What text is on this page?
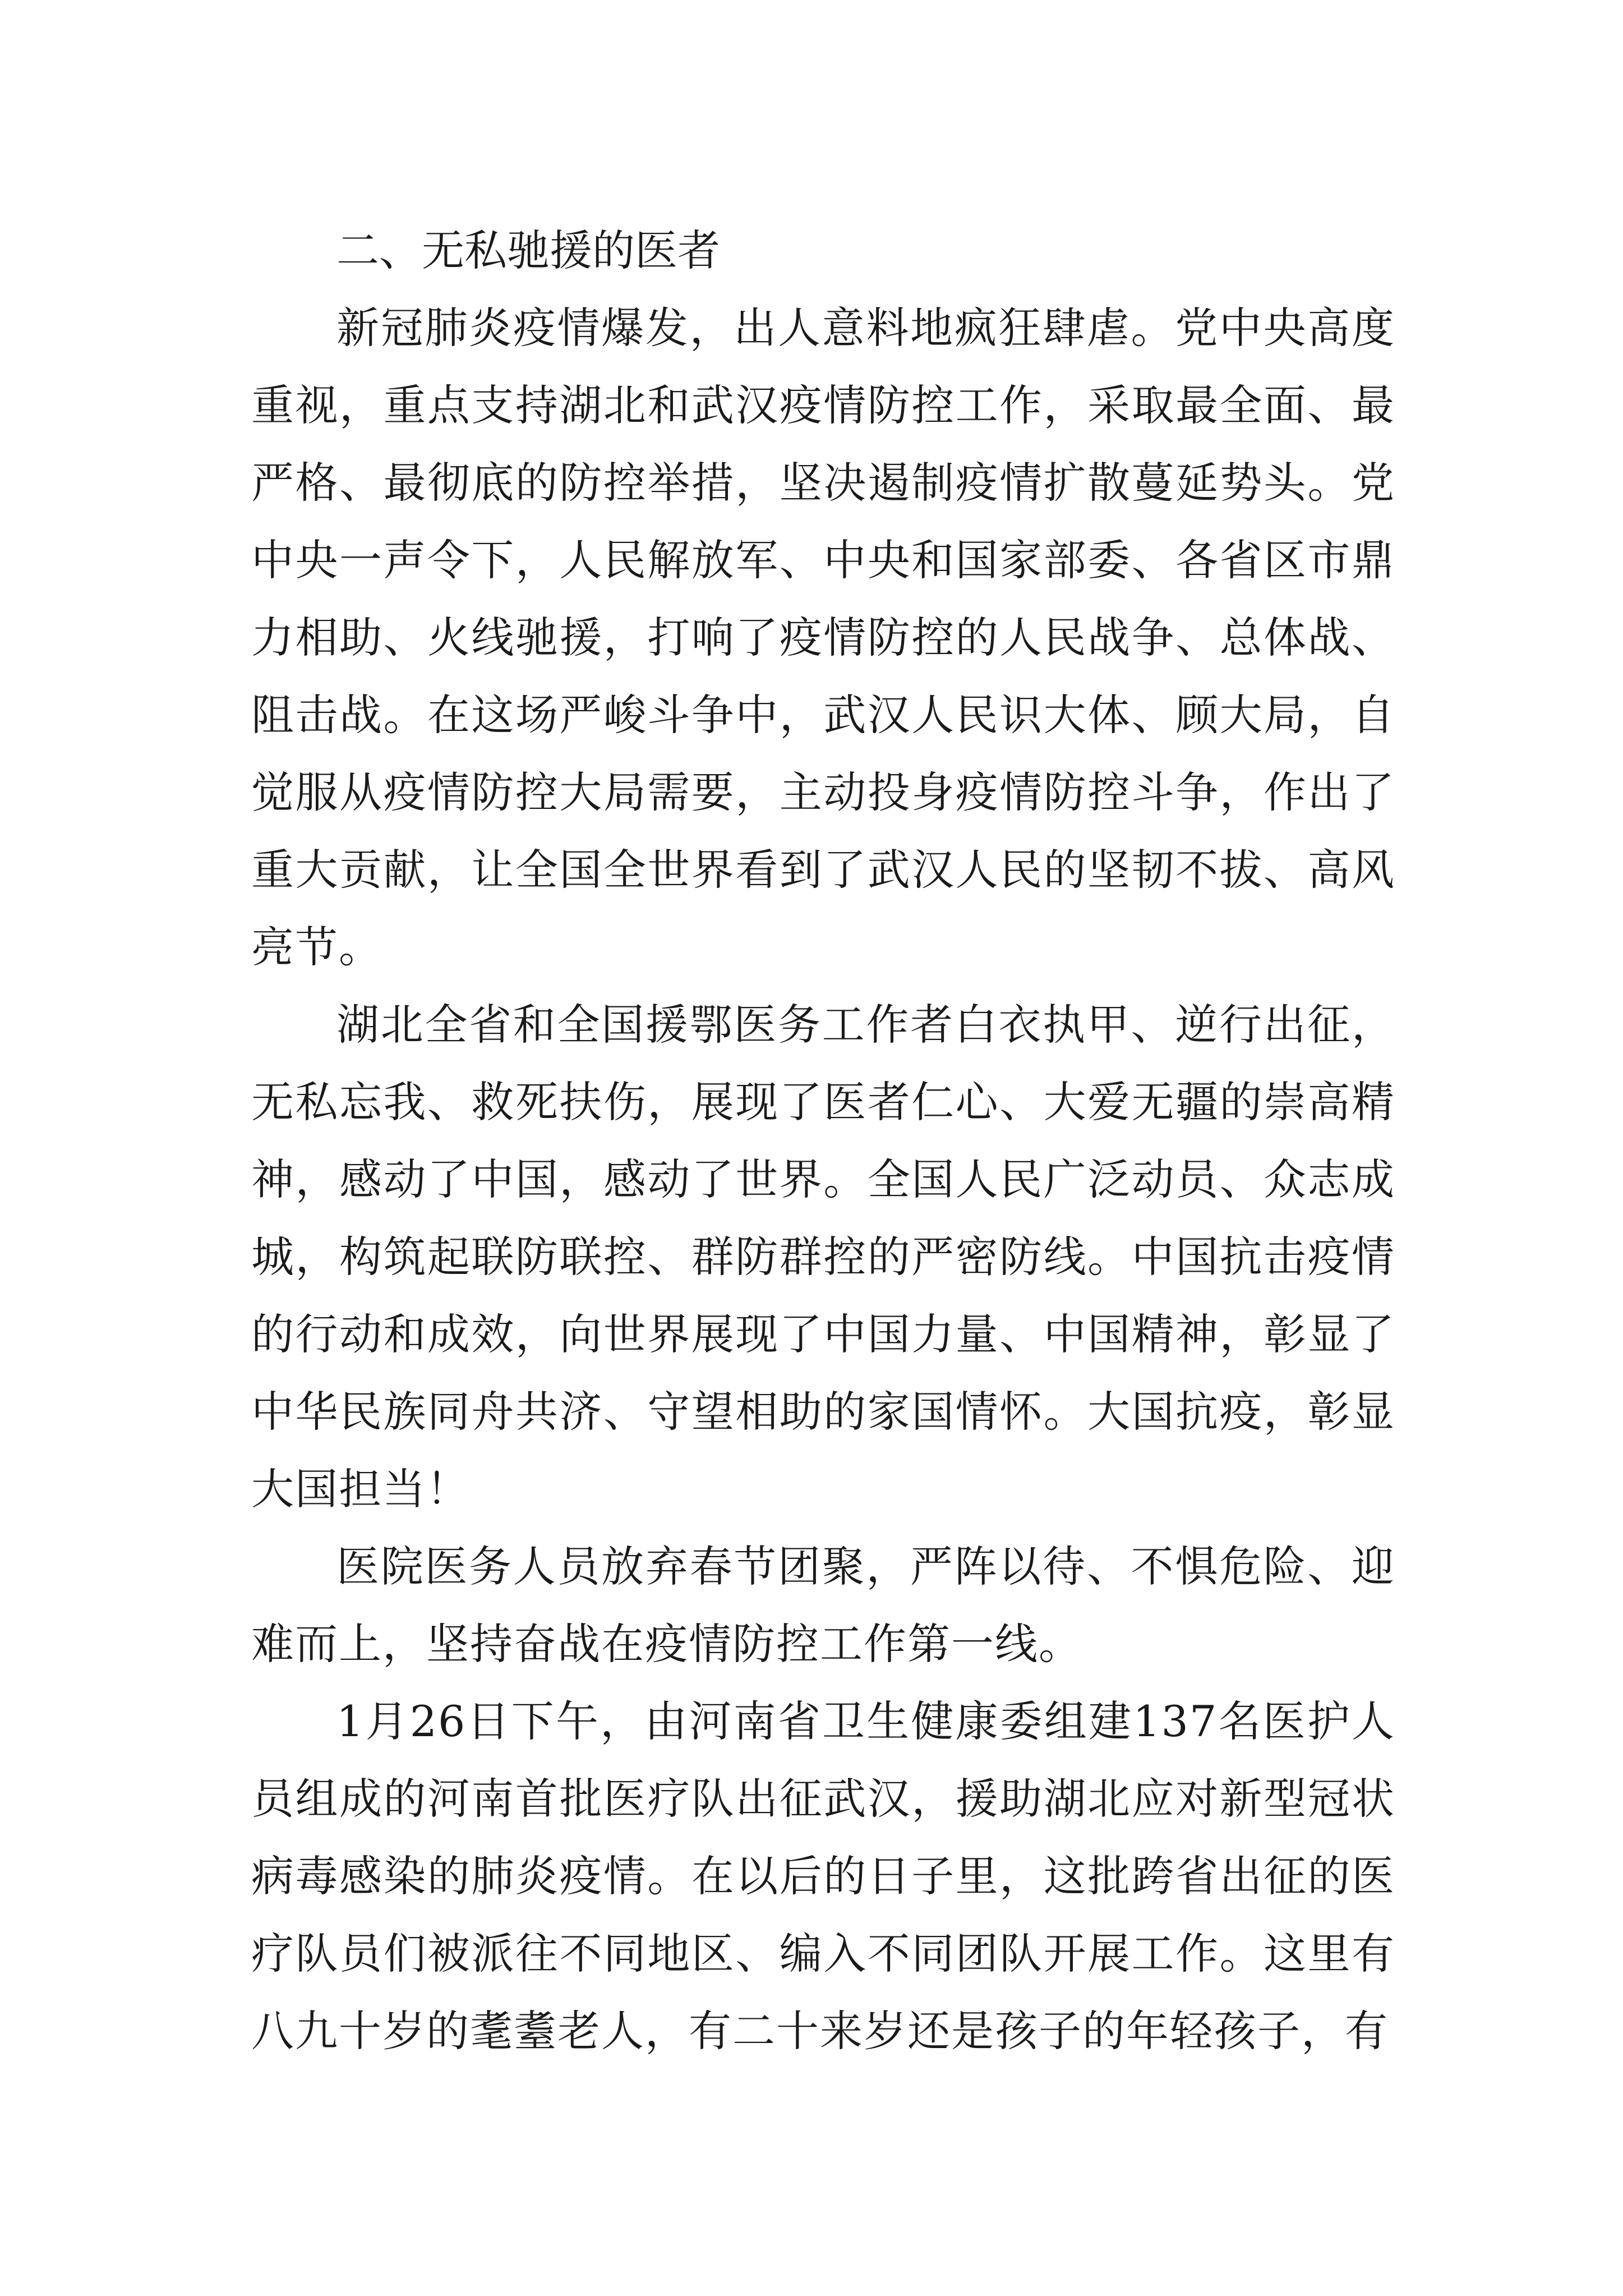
二、无私驰援的医者

新冠肺炎疫情爆发，出人意料地疯狂肆虐。党中央高度重视，重点支持湖北和武汉疫情防控工作，采取最全面、最严格、最彻底的防控举措，坚决遏制疫情扩散蔓延势头。党中央一声令下，人民解放军、中央和国家部委、各省区市鼎力相助、火线驰援，打响了疫情防控的人民战争、总体战、阻击战。在这场严峻斗争中，武汉人民识大体、顾大局，自觉服从疫情防控大局需要，主动投身疫情防控斗争，作出了重大贡献，让全国全世界看到了武汉人民的坚韧不拔、高风亮节。

湖北全省和全国援鄂医务工作者白衣执甲、逆行出征，无私忘我、救死扶伤，展现了医者仁心、大爱无疆的崇高精神，感动了中国，感动了世界。全国人民广泛动员、众志成城，构筑起联防联控、群防群控的严密防线。中国抗击疫情的行动和成效，向世界展现了中国力量、中国精神，彰显了中华民族同舟共济、守望相助的家国情怀。大国抗疫，彰显大国担当！

医院医务人员放弃春节团聚，严阵以待、不惧危险、迎难而上，坚持奋战在疫情防控工作第一线。

1月26日下午，由河南省卫生健康委组建137名医护人员组成的河南首批医疗队出征武汉，援助湖北应对新型冠状病毒感染的肺炎疫情。在以后的日子里，这批跨省出征的医疗队员们被派往不同地区、编入不同团队开展工作。这里有八九十岁的耄耋老人，有二十来岁还是孩子的年轻孩子，有
